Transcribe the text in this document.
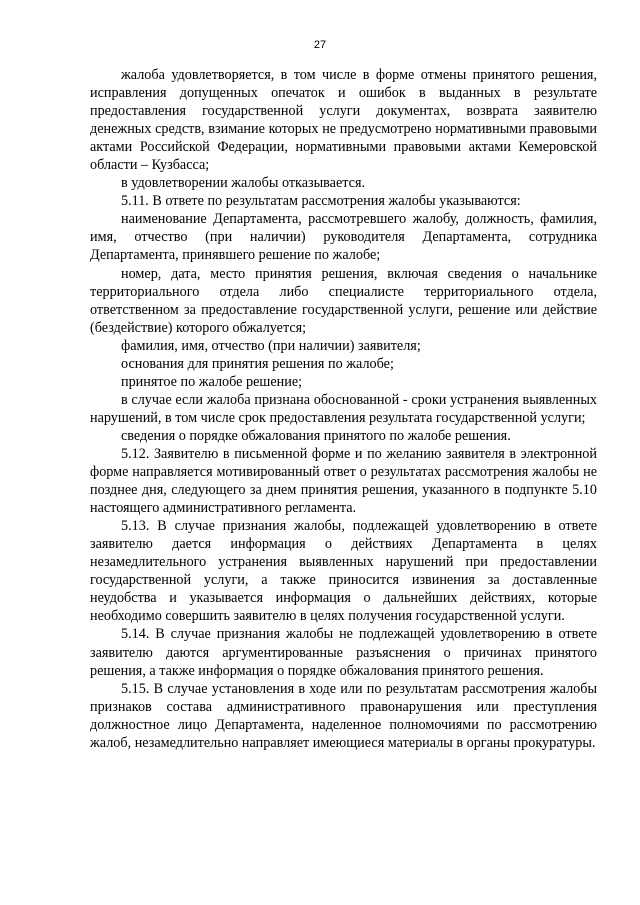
27

жалоба удовлетворяется, в том числе в форме отмены принятого решения, исправления допущенных опечаток и ошибок в выданных в результате предоставления государственной услуги документах, возврата заявителю денежных средств, взимание которых не предусмотрено нормативными правовыми актами Российской Федерации, нормативными правовыми актами Кемеровской области – Кузбасса;

в удовлетворении жалобы отказывается.

5.11. В ответе по результатам рассмотрения жалобы указываются:

наименование Департамента, рассмотревшего жалобу, должность, фамилия, имя, отчество (при наличии) руководителя Департамента, сотрудника Департамента, принявшего решение по жалобе;

номер, дата, место принятия решения, включая сведения о начальнике территориального отдела либо специалисте территориального отдела, ответственном за предоставление государственной услуги, решение или действие (бездействие) которого обжалуется;

фамилия, имя, отчество (при наличии) заявителя;

основания для принятия решения по жалобе;

принятое по жалобе решение;

в случае если жалоба признана обоснованной - сроки устранения выявленных нарушений, в том числе срок предоставления результата государственной услуги;

сведения о порядке обжалования принятого по жалобе решения.

5.12. Заявителю в письменной форме и по желанию заявителя в электронной форме направляется мотивированный ответ о результатах рассмотрения жалобы не позднее дня, следующего за днем принятия решения, указанного в подпункте 5.10 настоящего административного регламента.

5.13. В случае признания жалобы, подлежащей удовлетворению в ответе заявителю дается информация о действиях Департамента в целях незамедлительного устранения выявленных нарушений при предоставлении государственной услуги, а также приносится извинения за доставленные неудобства и указывается информация о дальнейших действиях, которые необходимо совершить заявителю в целях получения государственной услуги.

5.14. В случае признания жалобы не подлежащей удовлетворению в ответе заявителю даются аргументированные разъяснения о причинах принятого решения, а также информация о порядке обжалования принятого решения.

5.15. В случае установления в ходе или по результатам рассмотрения жалобы признаков состава административного правонарушения или преступления должностное лицо Департамента, наделенное полномочиями по рассмотрению жалоб, незамедлительно направляет имеющиеся материалы в органы прокуратуры.
